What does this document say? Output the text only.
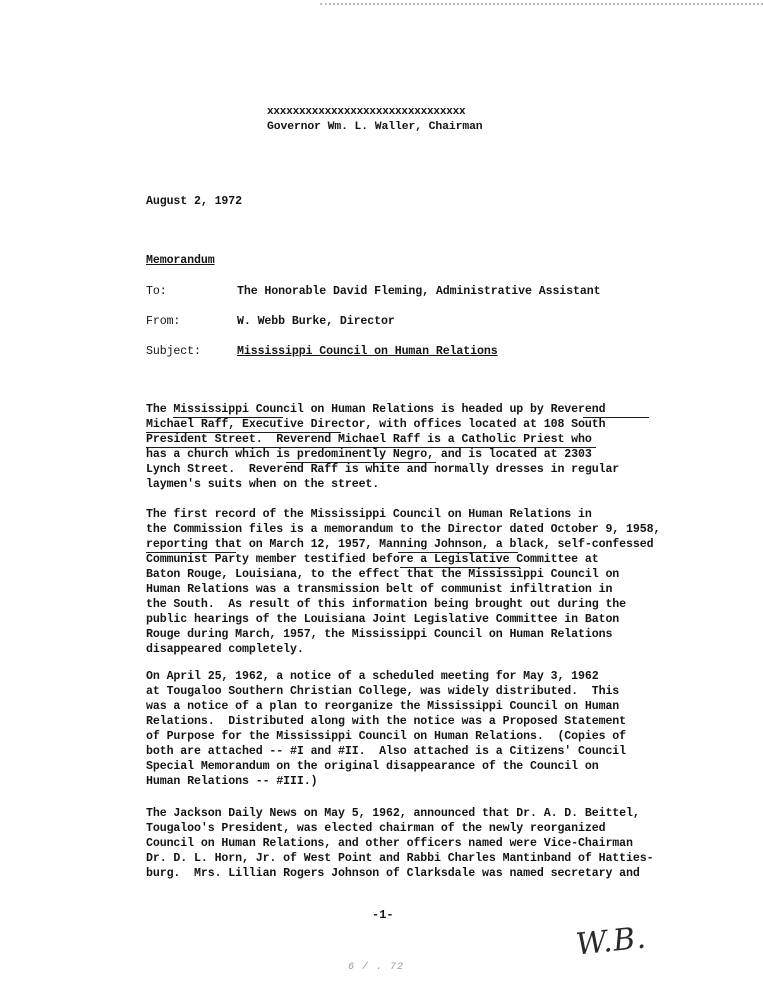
xxxxxxxxxxxxxxxxxxxxxxxxxxxxxxx
Governor Wm. L. Waller, Chairman
August 2, 1972
Memorandum
To:	The Honorable David Fleming, Administrative Assistant
From:	W. Webb Burke, Director
Subject:	Mississippi Council on Human Relations
The Mississippi Council on Human Relations is headed up by Reverend
Michael Raff, Executive Director, with offices located at 108 South
President Street.  Reverend Michael Raff is a Catholic Priest who
has a church which is predominently Negro, and is located at 2303
Lynch Street.  Reverend Raff is white and normally dresses in regular
laymen's suits when on the street.
The first record of the Mississippi Council on Human Relations in
the Commission files is a memorandum to the Director dated October 9, 1958,
reporting that on March 12, 1957, Manning Johnson, a black, self-confessed
Communist Party member testified before a Legislative Committee at
Baton Rouge, Louisiana, to the effect that the Mississippi Council on
Human Relations was a transmission belt of communist infiltration in
the South.  As result of this information being brought out during the
public hearings of the Louisiana Joint Legislative Committee in Baton
Rouge during March, 1957, the Mississippi Council on Human Relations
disappeared completely.
On April 25, 1962, a notice of a scheduled meeting for May 3, 1962
at Tougaloo Southern Christian College, was widely distributed.  This
was a notice of a plan to reorganize the Mississippi Council on Human
Relations.  Distributed along with the notice was a Proposed Statement
of Purpose for the Mississippi Council on Human Relations.  (Copies of
both are attached -- #I and #II.  Also attached is a Citizens' Council
Special Memorandum on the original disappearance of the Council on
Human Relations -- #III.)
The Jackson Daily News on May 5, 1962, announced that Dr. A. D. Beittel,
Tougaloo's President, was elected chairman of the newly reorganized
Council on Human Relations, and other officers named were Vice-Chairman
Dr. D. L. Horn, Jr. of West Point and Rabbi Charles Mantinband of Hatties-
burg.  Mrs. Lillian Rogers Johnson of Clarksdale was named secretary and
-1-
W.B.
6 / . 72
